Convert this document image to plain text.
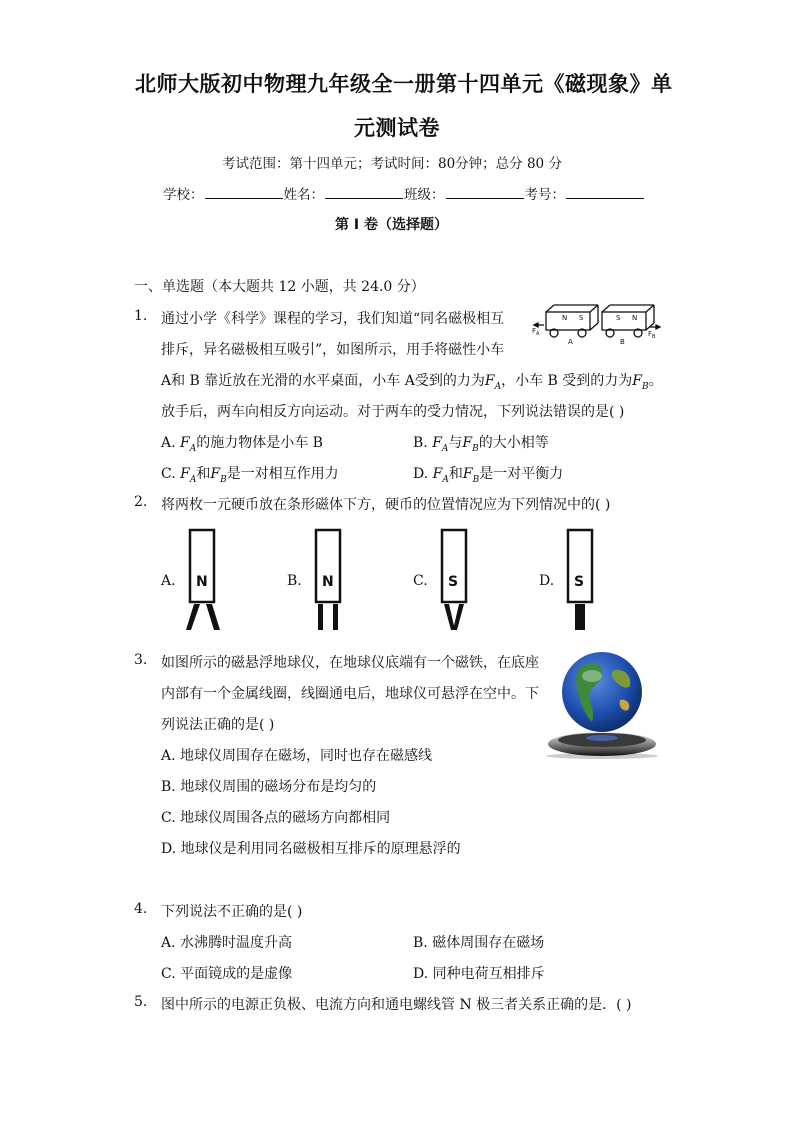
北师大版初中物理九年级全一册第十四单元《磁现象》单
元测试卷
考试范围：第十四单元；考试时间：80分钟；总分 80 分
学校：	姓名：	班级：	考号：
第 I 卷（选择题）
一、单选题（本大题共 12 小题，共 24.0 分）
1. 通过小学《科学》课程的学习，我们知道“同名磁极相互
排斥，异名磁极相互吸引”，如图所示，用手将磁性小车
A和 B 靠近放在光滑的水平桌面，小车 A受到的力为$F_A$，小车 B 受到的力为$F_B$。
放手后，两车向相反方向运动。对于两车的受力情况，下列说法错误的是( )
$F_A$
N S
A
S N
B
$F_B$
A. $F_A$的施力物体是小车 B	B. $F_A$与$F_B$的大小相等
C. $F_A$和$F_B$是一对相互作用力	D. $F_A$和$F_B$是一对平衡力
2. 将两枚一元硬币放在条形磁体下方，硬币的位置情况应为下列情况中的( )
A.	B.	C.	D.
N	N	S	S
3. 如图所示的磁悬浮地球仪，在地球仪底端有一个磁铁，在底座
内部有一个金属线圈，线圈通电后，地球仪可悬浮在空中。下
列说法正确的是( )
A. 地球仪周围存在磁场，同时也存在磁感线
B. 地球仪周围的磁场分布是均匀的
C. 地球仪周围各点的磁场方向都相同
D. 地球仪是利用同名磁极相互排斥的原理悬浮的
4. 下列说法不正确的是( )
A. 水沸腾时温度升高	B. 磁体周围存在磁场
C. 平面镜成的是虚像	D. 同种电荷互相排斥
5. 图中所示的电源正负极、电流方向和通电螺线管 N 极三者关系正确的是．( )
